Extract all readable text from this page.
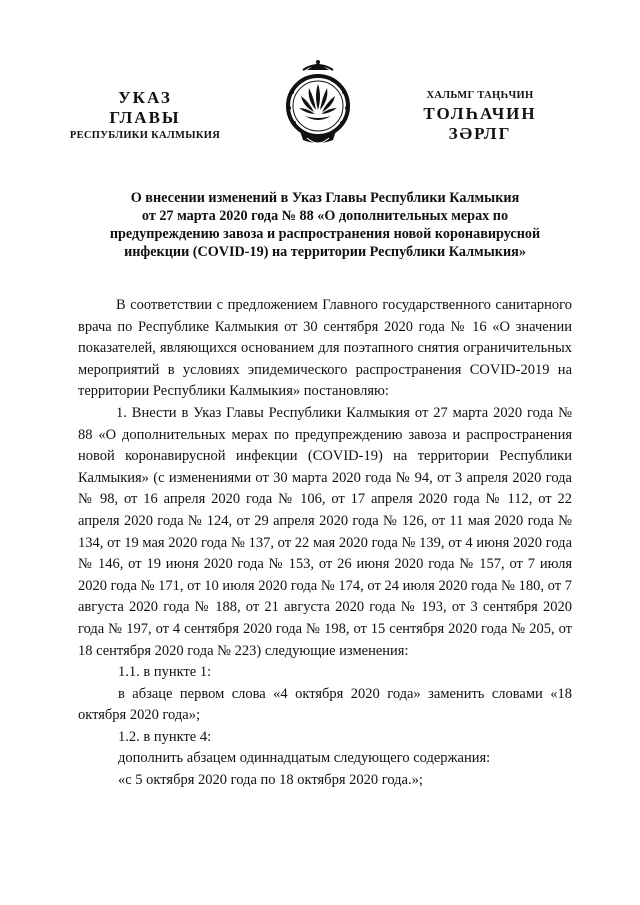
УКАЗ
ГЛАВЫ
РЕСПУБЛИКИ КАЛМЫКИЯ
ХАЛЬМГ ТАҢҺЧИН
ТОЛҺАЧИН
ЗӘРЛГ
О внесении изменений в Указ Главы Республики Калмыкия
от 27 марта 2020 года № 88 «О дополнительных мерах по
предупреждению завоза и распространения новой коронавирусной
инфекции (COVID-19) на территории Республики Калмыкия»

В соответствии с предложением Главного государственного санитарного врача по Республике Калмыкия от 30 сентября 2020 года № 16 «О значении показателей, являющихся основанием для поэтапного снятия ограничительных мероприятий в условиях эпидемического распространения COVID-2019 на территории Республики Калмыкия» постановляю:

1. Внести в Указ Главы Республики Калмыкия от 27 марта 2020 года № 88 «О дополнительных мерах по предупреждению завоза и распространения новой коронавирусной инфекции (COVID-19) на территории Республики Калмыкия» (с изменениями от 30 марта 2020 года № 94, от 3 апреля 2020 года № 98, от 16 апреля 2020 года № 106, от 17 апреля 2020 года № 112, от 22 апреля 2020 года № 124, от 29 апреля 2020 года № 126, от 11 мая 2020 года № 134, от 19 мая 2020 года № 137, от 22 мая 2020 года № 139, от 4 июня 2020 года № 146, от 19 июня 2020 года № 153, от 26 июня 2020 года № 157, от 7 июля 2020 года № 171, от 10 июля 2020 года № 174, от 24 июля 2020 года № 180, от 7 августа 2020 года № 188, от 21 августа 2020 года № 193, от 3 сентября 2020 года № 197, от 4 сентября 2020 года № 198, от 15 сентября 2020 года № 205, от 18 сентября 2020 года № 223) следующие изменения:

1.1. в пункте 1:

в абзаце первом слова «4 октября 2020 года» заменить словами «18 октября 2020 года»;

1.2. в пункте 4:

дополнить абзацем одиннадцатым следующего содержания:

«с 5 октября 2020 года по 18 октября 2020 года.»;
